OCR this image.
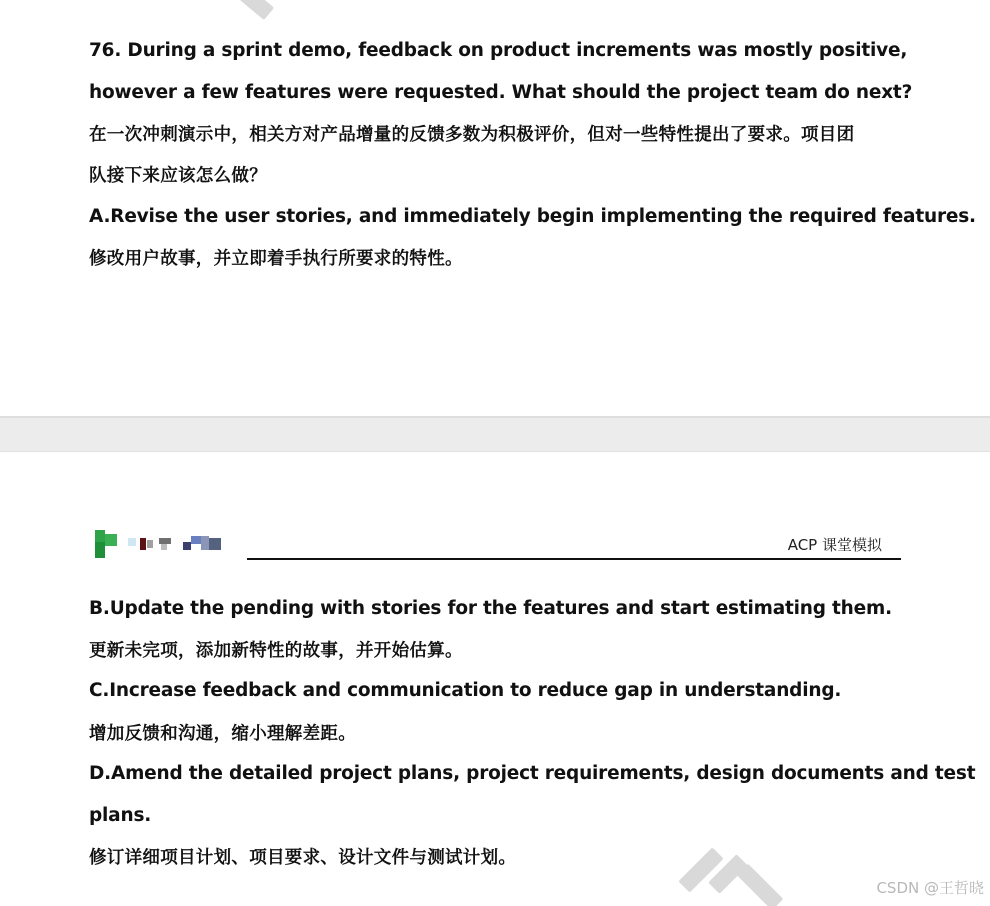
76. During a sprint demo, feedback on product increments was mostly positive,
however a few features were requested. What should the project team do next?
在一次冲刺演示中，相关方对产品增量的反馈多数为积极评价，但对一些特性提出了要求。项目团
队接下来应该怎么做？
A.Revise the user stories, and immediately begin implementing the required features.
修改用户故事，并立即着手执行所要求的特性。
ACP 课堂模拟
B.Update the pending with stories for the features and start estimating them.
更新未完项，添加新特性的故事，并开始估算。
C.Increase feedback and communication to reduce gap in understanding.
增加反馈和沟通，缩小理解差距。
D.Amend the detailed project plans, project requirements, design documents and test
plans.
修订详细项目计划、项目要求、设计文件与测试计划。
CSDN @王哲晓
